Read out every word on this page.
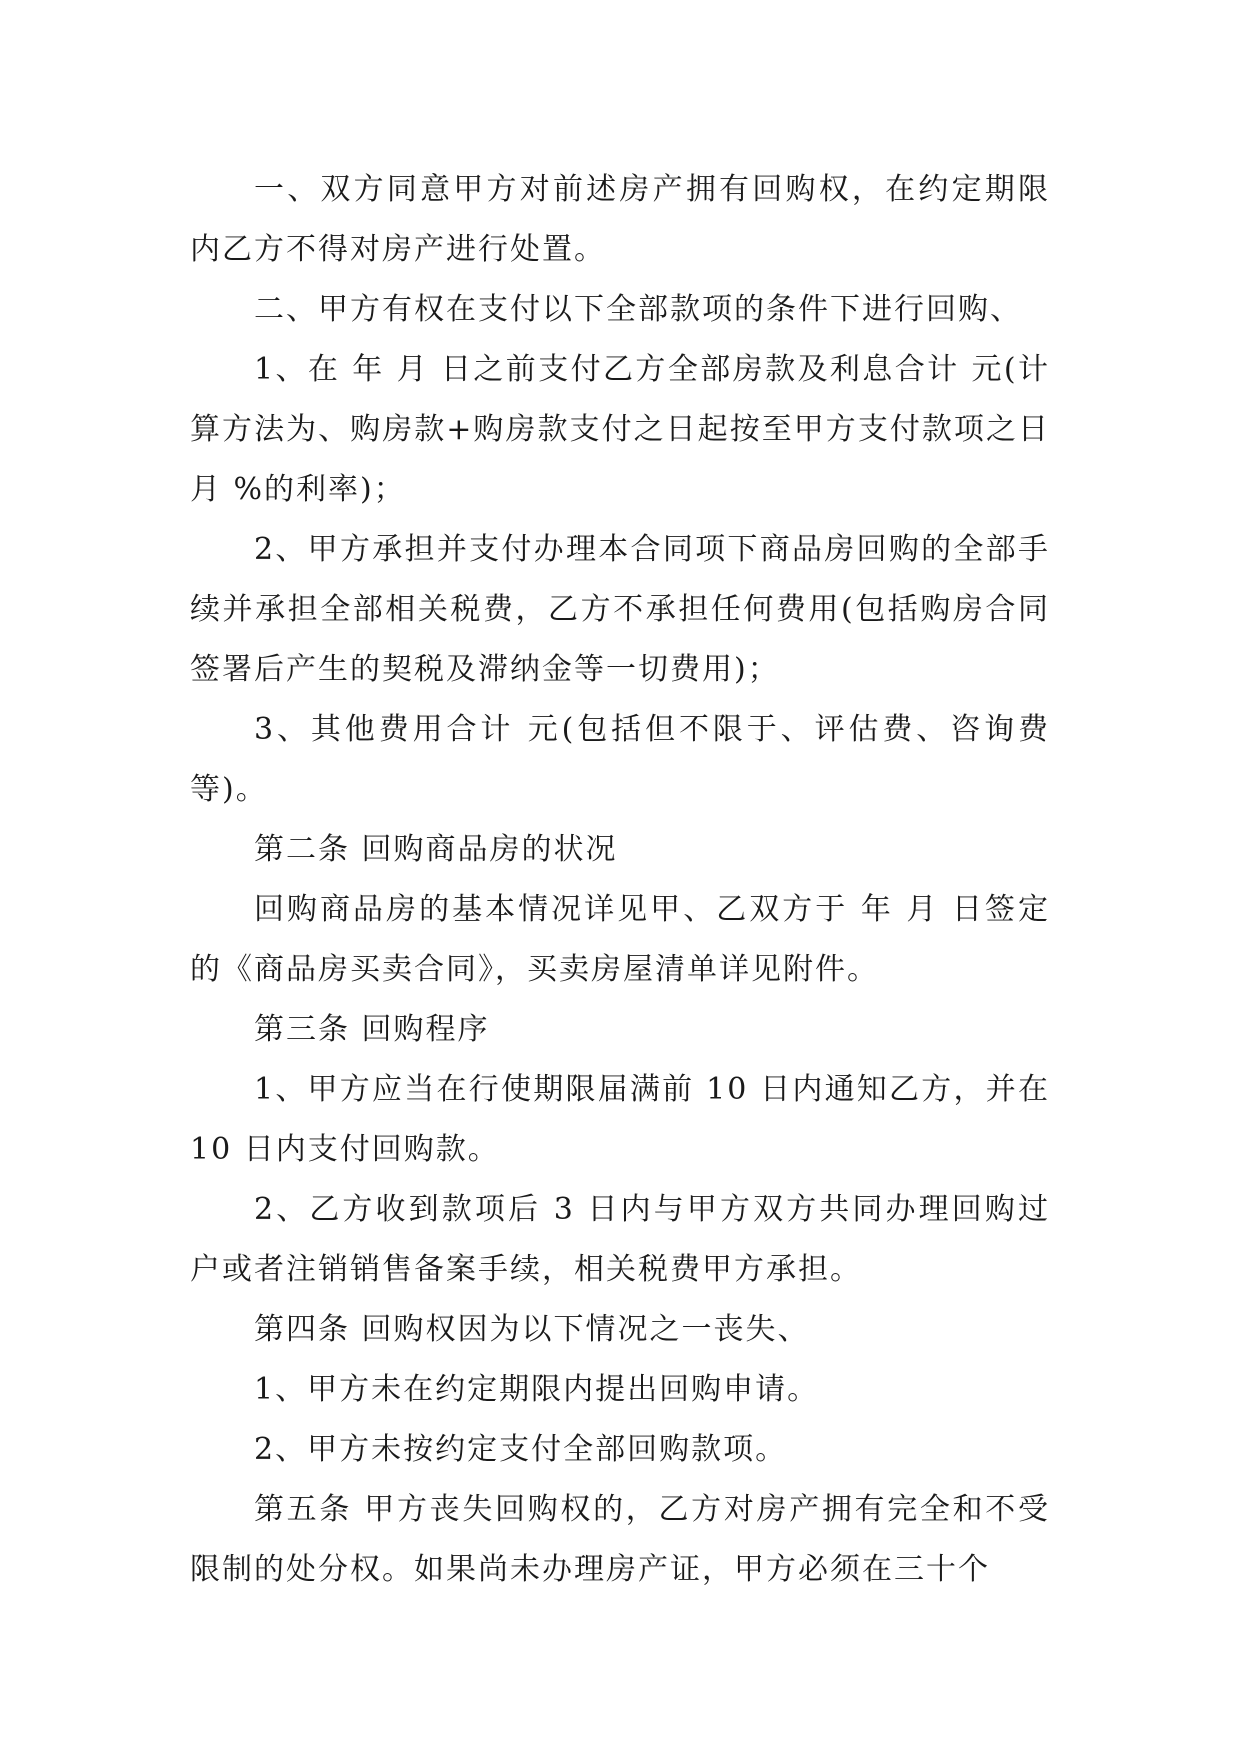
一、双方同意甲方对前述房产拥有回购权，在约定期限内乙方不得对房产进行处置。

二、甲方有权在支付以下全部款项的条件下进行回购、

1、在 年 月 日之前支付乙方全部房款及利息合计 元(计算方法为、购房款+购房款支付之日起按至甲方支付款项之日月 %的利率)；

2、甲方承担并支付办理本合同项下商品房回购的全部手续并承担全部相关税费，乙方不承担任何费用(包括购房合同签署后产生的契税及滞纳金等一切费用)；

3、其他费用合计 元(包括但不限于、评估费、咨询费等)。

第二条 回购商品房的状况

回购商品房的基本情况详见甲、乙双方于 年 月 日签定的《商品房买卖合同》，买卖房屋清单详见附件。

第三条 回购程序

1、甲方应当在行使期限届满前 10 日内通知乙方，并在 10 日内支付回购款。

2、乙方收到款项后 3 日内与甲方双方共同办理回购过户或者注销销售备案手续，相关税费甲方承担。

第四条 回购权因为以下情况之一丧失、

1、甲方未在约定期限内提出回购申请。

2、甲方未按约定支付全部回购款项。

第五条 甲方丧失回购权的，乙方对房产拥有完全和不受限制的处分权。如果尚未办理房产证，甲方必须在三十个
